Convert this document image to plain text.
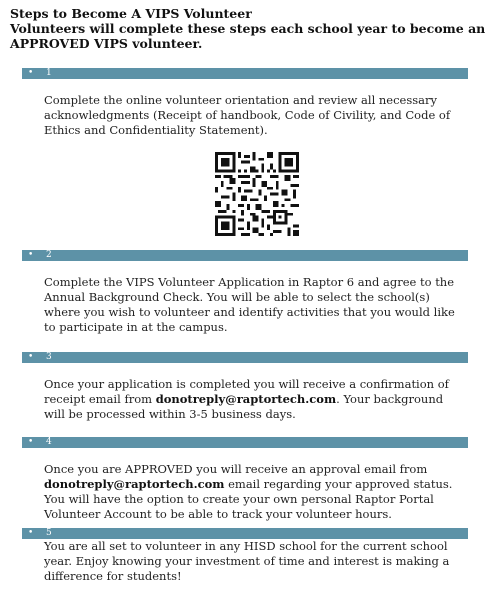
Steps to Become A VIPS Volunteer
Volunteers will complete these steps each school year to become an APPROVED VIPS volunteer.
• 1
Complete the online volunteer orientation and review all necessary acknowledgments (Receipt of handbook, Code of Civility, and Code of Ethics and Confidentiality Statement).
• 2
Complete the VIPS Volunteer Application in Raptor 6 and agree to the Annual Background Check. You will be able to select the school(s) where you wish to volunteer and identify activities that you would like to participate in at the campus.
• 3
Once your application is completed you will receive a confirmation of receipt email from donotreply@raptortech.com. Your background will be processed within 3-5 business days.
• 4
Once you are APPROVED you will receive an approval email from donotreply@raptortech.com email regarding your approved status. You will have the option to create your own personal Raptor Portal Volunteer Account to be able to track your volunteer hours.
• 5
You are all set to volunteer in any HISD school for the current school year. Enjoy knowing your investment of time and interest is making a difference for students!
